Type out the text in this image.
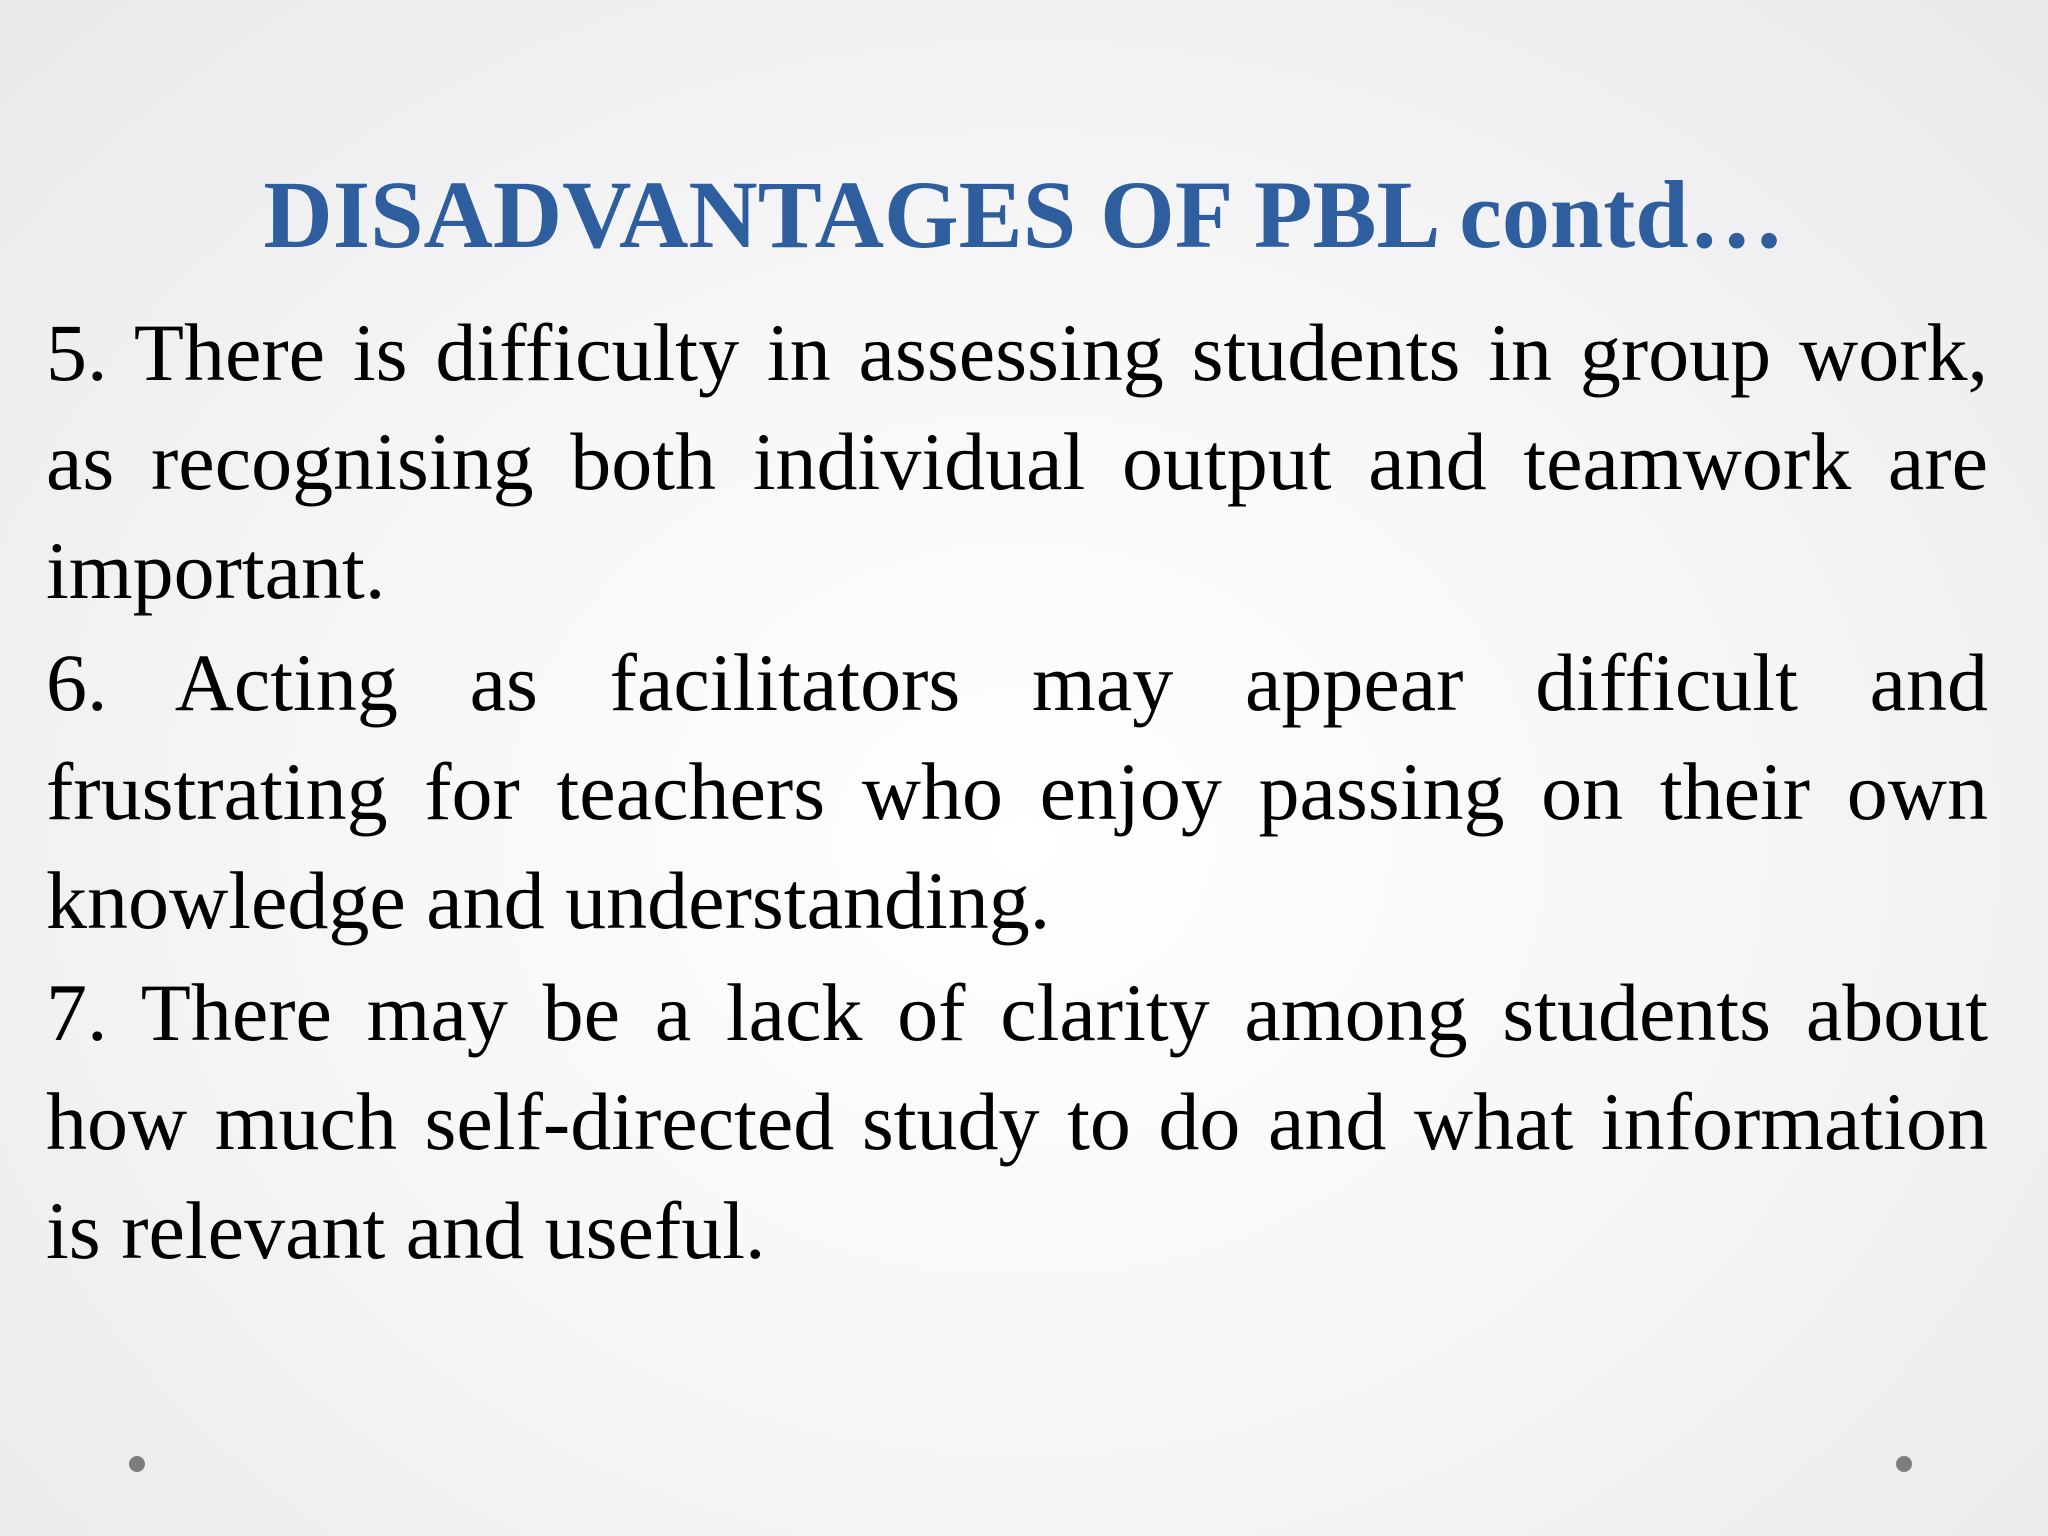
DISADVANTAGES OF PBL contd…
5. There is difficulty in assessing students in group work, as recognising both individual output and teamwork are important.
6. Acting as facilitators may appear difficult and frustrating for teachers who enjoy passing on their own knowledge and understanding.
7. There may be a lack of clarity among students about how much self-directed study to do and what information is relevant and useful.
